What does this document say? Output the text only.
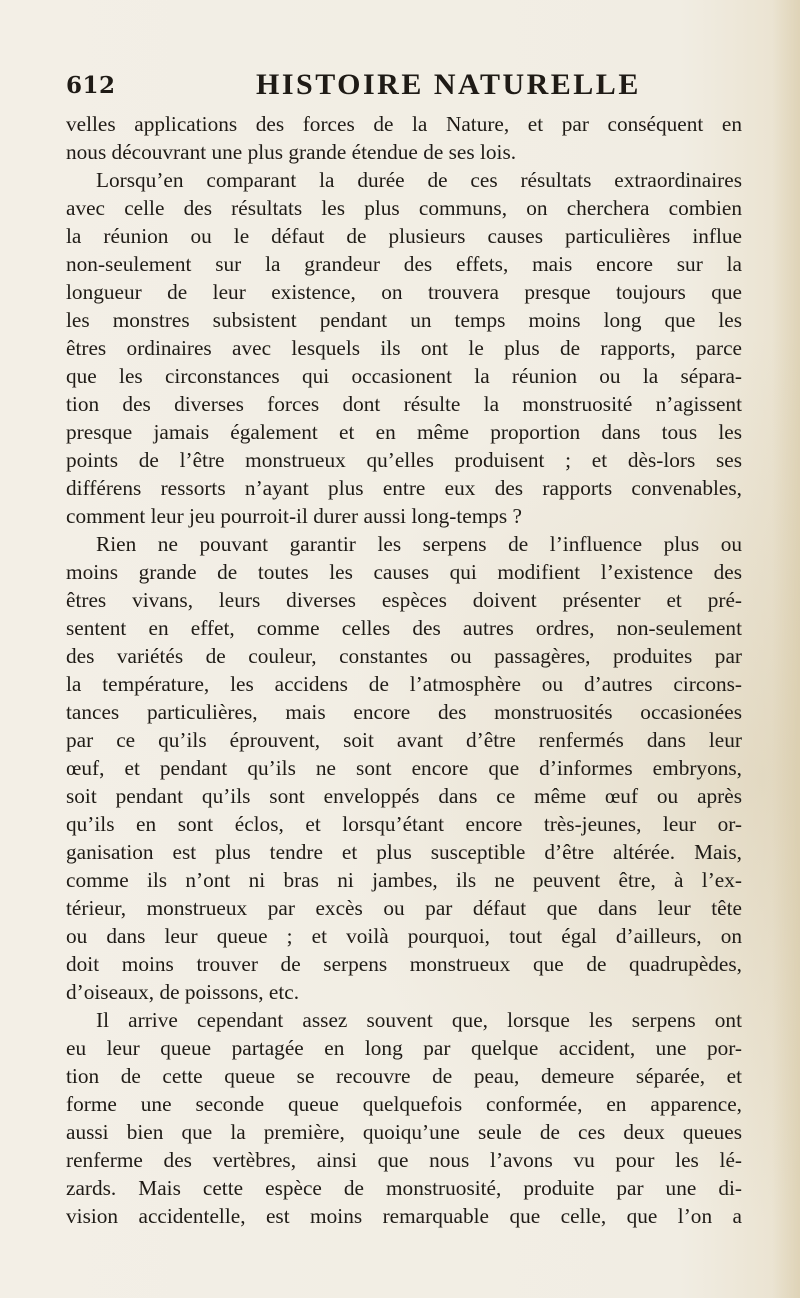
612	HISTOIRE NATURELLE
velles applications des forces de la Nature, et par conséquent en
nous découvrant une plus grande étendue de ses lois.
Lorsqu’en comparant la durée de ces résultats extraordinaires
avec celle des résultats les plus communs, on cherchera combien
la réunion ou le défaut de plusieurs causes particulières influe
non-seulement sur la grandeur des effets, mais encore sur la
longueur de leur existence, on trouvera presque toujours que
les monstres subsistent pendant un temps moins long que les
êtres ordinaires avec lesquels ils ont le plus de rapports, parce
que les circonstances qui occasionent la réunion ou la sépara-
tion des diverses forces dont résulte la monstruosité n’agissent
presque jamais également et en même proportion dans tous les
points de l’être monstrueux qu’elles produisent ; et dès-lors ses
différens ressorts n’ayant plus entre eux des rapports convenables,
comment leur jeu pourroit-il durer aussi long-temps ?
Rien ne pouvant garantir les serpens de l’influence plus ou
moins grande de toutes les causes qui modifient l’existence des
êtres vivans, leurs diverses espèces doivent présenter et pré-
sentent en effet, comme celles des autres ordres, non-seulement
des variétés de couleur, constantes ou passagères, produites par
la température, les accidens de l’atmosphère ou d’autres circons-
tances particulières, mais encore des monstruosités occasionées
par ce qu’ils éprouvent, soit avant d’être renfermés dans leur
œuf, et pendant qu’ils ne sont encore que d’informes embryons,
soit pendant qu’ils sont enveloppés dans ce même œuf ou après
qu’ils en sont éclos, et lorsqu’étant encore très-jeunes, leur or-
ganisation est plus tendre et plus susceptible d’être altérée. Mais,
comme ils n’ont ni bras ni jambes, ils ne peuvent être, à l’ex-
térieur, monstrueux par excès ou par défaut que dans leur tête
ou dans leur queue ; et voilà pourquoi, tout égal d’ailleurs, on
doit moins trouver de serpens monstrueux que de quadrupèdes,
d’oiseaux, de poissons, etc.
Il arrive cependant assez souvent que, lorsque les serpens ont
eu leur queue partagée en long par quelque accident, une por-
tion de cette queue se recouvre de peau, demeure séparée, et
forme une seconde queue quelquefois conformée, en apparence,
aussi bien que la première, quoiqu’une seule de ces deux queues
renferme des vertèbres, ainsi que nous l’avons vu pour les lé-
zards. Mais cette espèce de monstruosité, produite par une di-
vision accidentelle, est moins remarquable que celle, que l’on a
